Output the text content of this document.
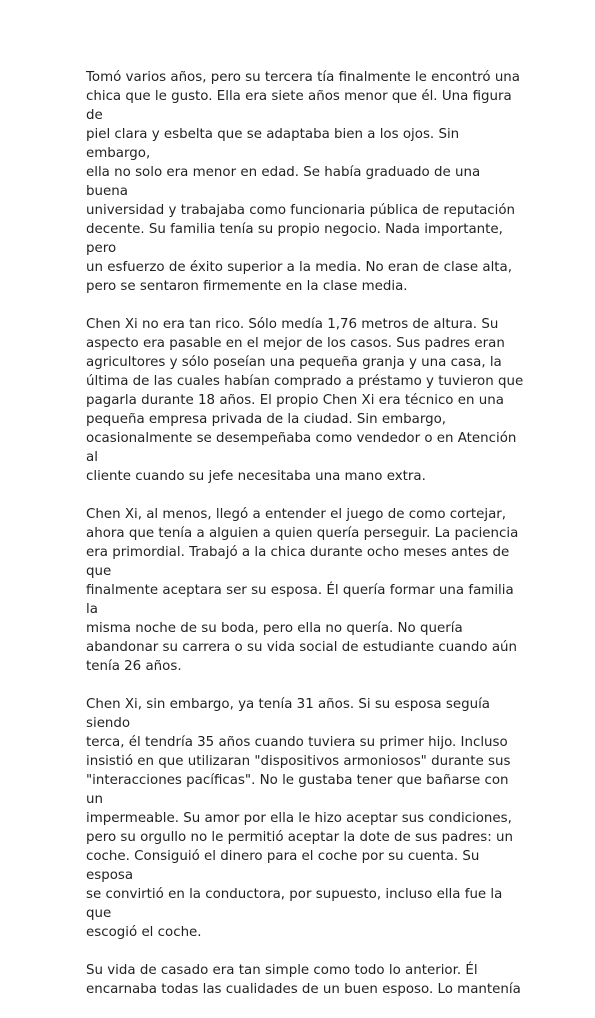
Tomó varios años, pero su tercera tía finalmente le encontró una
chica que le gusto. Ella era siete años menor que él. Una figura de
piel clara y esbelta que se adaptaba bien a los ojos. Sin embargo,
ella no solo era menor en edad. Se había graduado de una buena
universidad y trabajaba como funcionaria pública de reputación
decente. Su familia tenía su propio negocio. Nada importante, pero
un esfuerzo de éxito superior a la media. No eran de clase alta,
pero se sentaron firmemente en la clase media.

Chen Xi no era tan rico. Sólo medía 1,76 metros de altura. Su
aspecto era pasable en el mejor de los casos. Sus padres eran
agricultores y sólo poseían una pequeña granja y una casa, la
última de las cuales habían comprado a préstamo y tuvieron que
pagarla durante 18 años. El propio Chen Xi era técnico en una
pequeña empresa privada de la ciudad. Sin embargo,
ocasionalmente se desempeñaba como vendedor o en Atención al
cliente cuando su jefe necesitaba una mano extra.

Chen Xi, al menos, llegó a entender el juego de como cortejar,
ahora que tenía a alguien a quien quería perseguir. La paciencia
era primordial. Trabajó a la chica durante ocho meses antes de que
finalmente aceptara ser su esposa. Él quería formar una familia la
misma noche de su boda, pero ella no quería. No quería
abandonar su carrera o su vida social de estudiante cuando aún
tenía 26 años.

Chen Xi, sin embargo, ya tenía 31 años. Si su esposa seguía siendo
terca, él tendría 35 años cuando tuviera su primer hijo. Incluso
insistió en que utilizaran "dispositivos armoniosos" durante sus
"interacciones pacíficas". No le gustaba tener que bañarse con un
impermeable. Su amor por ella le hizo aceptar sus condiciones,
pero su orgullo no le permitió aceptar la dote de sus padres: un
coche. Consiguió el dinero para el coche por su cuenta. Su esposa
se convirtió en la conductora, por supuesto, incluso ella fue la que
escogió el coche.

Su vida de casado era tan simple como todo lo anterior. Él
encarnaba todas las cualidades de un buen esposo. Lo mantenía
